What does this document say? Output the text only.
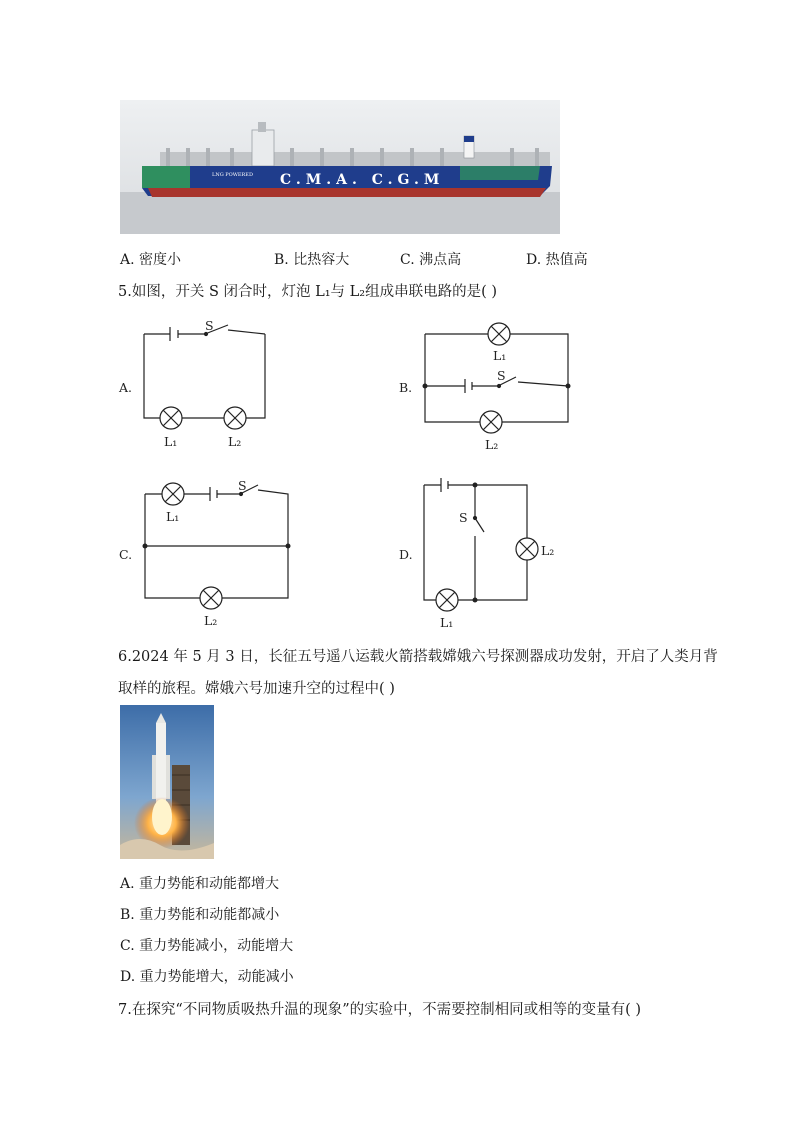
C.M.A. C.G.M
LNG POWERED
A. 密度小	B. 比热容大	C. 沸点高	D. 热值高
5.如图，开关 S 闭合时，灯泡 L₁与 L₂组成串联电路的是( )
A.
S
L₁	L₂
B.
S
L₁
L₂
C.
S
L₁
L₂
D.
S
L₁
L₂
6.2024 年 5 月 3 日，长征五号遥八运载火箭搭载嫦娥六号探测器成功发射，开启了人类月背
取样的旅程。嫦娥六号加速升空的过程中( )
A. 重力势能和动能都增大
B. 重力势能和动能都减小
C. 重力势能减小，动能增大
D. 重力势能增大，动能减小
7.在探究“不同物质吸热升温的现象”的实验中，不需要控制相同或相等的变量有( )
